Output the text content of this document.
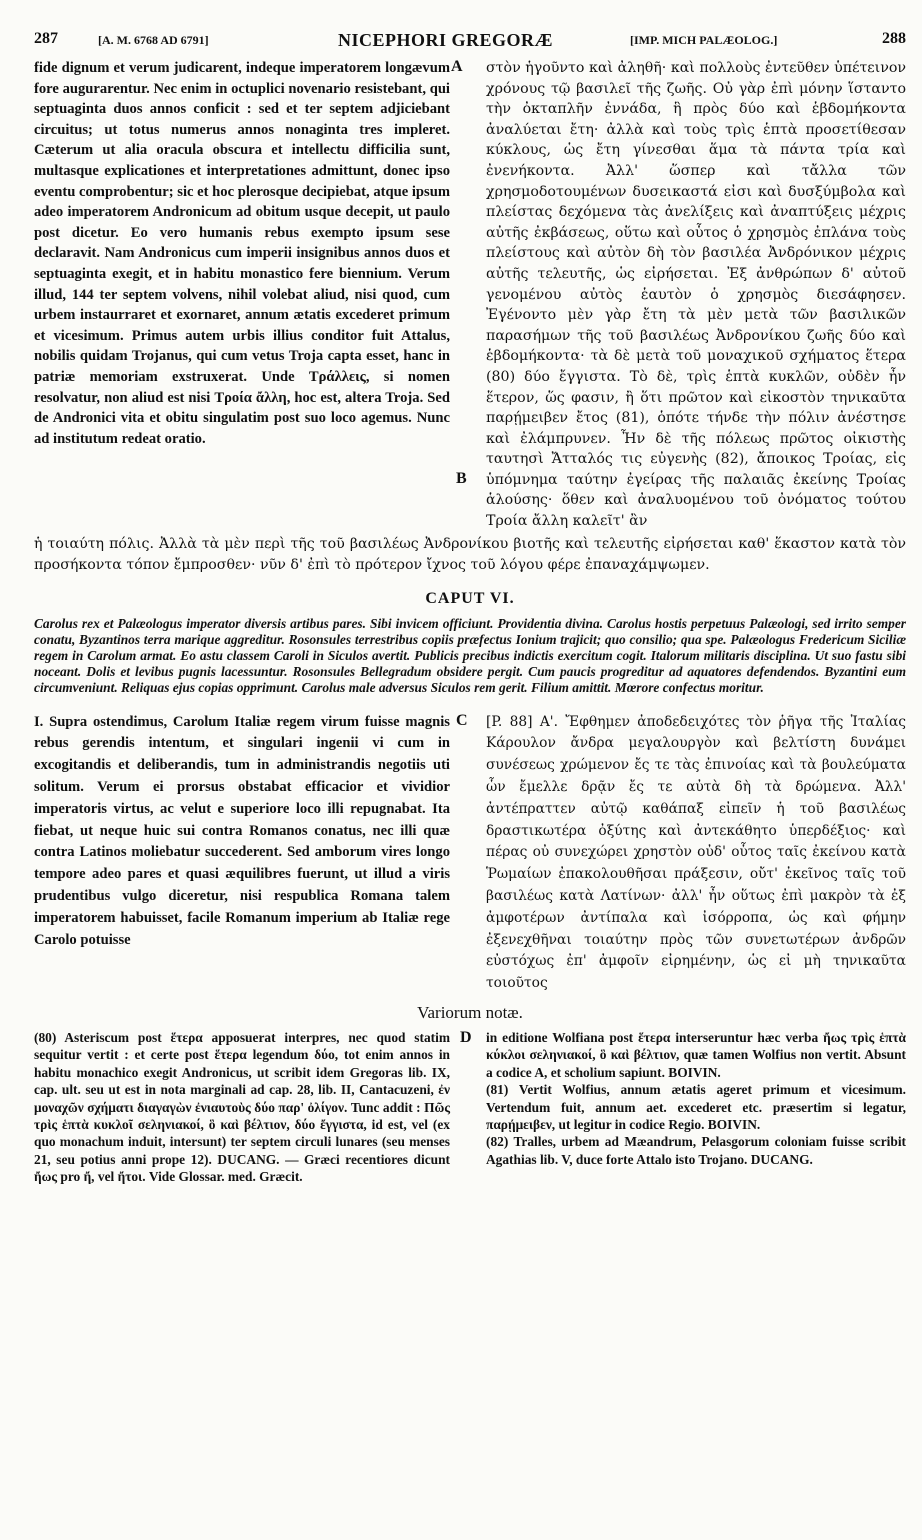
287	[A. M. 6768 AD 6791]	NICEPHORI GREGORÆ	[IMP. MICH PALÆOLOG.]	288
fide dignum et verum judicarent, indeque imperatorem longævum fore augurarentur. Nec enim in octuplici novenario resistebant, qui septuaginta duos annos conficit : sed et ter septem adjiciebant circuitus; ut totus numerus annos nonaginta tres impleret. Cæterum ut alia oracula obscura et intellectu difficilia sunt, multasque explicationes et interpretationes admittunt, donec ipso eventu comprobentur; sic et hoc plerosque decipiebat, atque ipsum adeo imperatorem Andronicum ad obitum usque decepit, ut paulo post dicetur. Eo vero humanis rebus exempto ipsum sese declaravit. Nam Andronicus cum imperii insignibus annos duos et septuaginta exegit, et in habitu monastico fere biennium. Verum illud, 144 ter septem volvens, nihil volebat aliud, nisi quod, cum urbem instaurraret et exornaret, annum ætatis excederet primum et vicesimum. Primus autem urbis illius conditor fuit Attalus, nobilis quidam Trojanus, qui cum vetus Troja capta esset, hanc in patriæ memoriam exstruxerat. Unde Τράλλεις, si nomen resolvatur, non aliud est nisi Τροία ἄλλη, hoc est, altera Troja. Sed de Andronici vita et obitu singulatim post suo loco agemus. Nunc ad institutum redeat oratio.
στὸν ἡγοῦντο καὶ ἀληθῆ· καὶ πολλοὺς ἐντεῦθεν ὑπέτεινον χρόνους τῷ βασιλεῖ τῆς ζωῆς. Οὐ γὰρ ἐπὶ μόνην ἵσταντο τὴν ὀκταπλῆν ἐννάδα, ἣ πρὸς δύο καὶ ἑβδομήκοντα ἀναλύεται ἔτη· ἀλλὰ καὶ τοὺς τρὶς ἑπτὰ προσετίθεσαν κύκλους, ὡς ἔτη γίνεσθαι ἅμα τὰ πάντα τρία καὶ ἐνενήκοντα. Ἀλλ' ὥσπερ καὶ τἄλλα τῶν χρησμοδοτουμένων δυσεικαστά εἰσι καὶ δυσξύμβολα καὶ πλείστας δεχόμενα τὰς ἀνελίξεις καὶ ἀναπτύξεις μέχρις αὐτῆς ἐκβάσεως, οὕτω καὶ οὗτος ὁ χρησμὸς ἐπλάνα τοὺς πλείστους καὶ αὐτὸν δὴ τὸν βασιλέα Ἀνδρόνικον μέχρις αὐτῆς τελευτῆς, ὡς εἰρήσεται. Ἐξ ἀνθρώπων δ' αὐτοῦ γενομένου αὐτὸς ἑαυτὸν ὁ χρησμὸς διεσάφησεν. Ἐγένοντο μὲν γὰρ ἔτη τὰ μὲν μετὰ τῶν βασιλικῶν παρασήμων τῆς τοῦ βασιλέως Ἀνδρονίκου ζωῆς δύο καὶ ἑβδομήκοντα· τὰ δὲ μετὰ τοῦ μοναχικοῦ σχήματος ἕτερα (80) δύο ἔγγιστα. Τὸ δὲ, τρὶς ἑπτὰ κυκλῶν, οὐδὲν ἦν ἕτερον, ὥς φασιν, ἢ ὅτι πρῶτον καὶ εἰκοστὸν τηνικαῦτα παρῄμειβεν ἔτος (81), ὁπότε τήνδε τὴν πόλιν ἀνέστησε καὶ ἐλάμπρυνεν. Ἦν δὲ τῆς πόλεως πρῶτος οἰκιστὴς ταυτησὶ Ἄτταλός τις εὐγενὴς (82), ἄποικος Τροίας, εἰς ὑπόμνημα ταύτην ἐγείρας τῆς παλαιᾶς ἐκείνης Τροίας ἁλούσης· ὅθεν καὶ ἀναλυομένου τοῦ ὀνόματος τούτου Τροία ἄλλη καλεῖτ' ἂν
A
B
ἡ τοιαύτη πόλις. Ἀλλὰ τὰ μὲν περὶ τῆς τοῦ βασιλέως Ἀνδρονίκου βιοτῆς καὶ τελευτῆς εἰρήσεται καθ' ἕκαστον κατὰ τὸν προσήκοντα τόπον ἔμπροσθεν· νῦν δ' ἐπὶ τὸ πρότερον ἴχνος τοῦ λόγου φέρε ἐπαναχάμψωμεν.
CAPUT VI.
Carolus rex et Palæologus imperator diversis artibus pares. Sibi invicem officiunt. Providentia divina. Carolus hostis perpetuus Palæologi, sed irrito semper conatu, Byzantinos terra marique aggreditur. Rosonsules terrestribus copiis præfectus Ionium trajicit; quo consilio; qua spe. Palæologus Fredericum Siciliæ regem in Carolum armat. Eo astu classem Caroli in Siculos avertit. Publicis precibus indictis exercitum cogit. Italorum militaris disciplina. Ut suo fastu sibi noceant. Dolis et levibus pugnis lacessuntur. Rosonsules Bellegradum obsidere pergit. Cum paucis progreditur ad aquatores defendendos. Byzantini eum circumveniunt. Reliquas ejus copias opprimunt. Carolus male adversus Siculos rem gerit. Filium amittit. Mœrore confectus moritur.
I. Supra ostendimus, Carolum Italiæ regem virum fuisse magnis rebus gerendis intentum, et singulari ingenii vi cum in excogitandis et deliberandis, tum in administrandis negotiis uti solitum. Verum ei prorsus obstabat efficacior et vividior imperatoris virtus, ac velut e superiore loco illi repugnabat. Ita fiebat, ut neque huic sui contra Romanos conatus, nec illi quæ contra Latinos moliebatur succederent. Sed amborum vires longo tempore adeo pares et quasi æquilibres fuerunt, ut illud a viris prudentibus vulgo diceretur, nisi respublica Romana talem imperatorem habuisset, facile Romanum imperium ab Italiæ rege Carolo potuisse
[P. 88] Α'. Ἔφθημεν ἀποδεδειχότες τὸν ῥῆγα τῆς Ἰταλίας Κάρουλον ἄνδρα μεγαλουργὸν καὶ βελτίστη δυνάμει συνέσεως χρώμενον ἔς τε τὰς ἐπινοίας καὶ τὰ βουλεύματα ὧν ἔμελλε δρᾷν ἔς τε αὐτὰ δὴ τὰ δρώμενα. Ἀλλ' ἀντέπραττεν αὐτῷ καθάπαξ εἰπεῖν ἡ τοῦ βασιλέως δραστικωτέρα ὀξύτης καὶ ἀντεκάθητο ὑπερδέξιος· καὶ πέρας οὐ συνεχώρει χρηστὸν οὐδ' οὗτος ταῖς ἐκείνου κατὰ Ῥωμαίων ἐπακολουθῆσαι πράξεσιν, οὔτ' ἐκεῖνος ταῖς τοῦ βασιλέως κατὰ Λατίνων· ἀλλ' ἦν οὕτως ἐπὶ μακρὸν τὰ ἐξ ἀμφοτέρων ἀντίπαλα καὶ ἰσόρροπα, ὡς καὶ φήμην ἐξενεχθῆναι τοιαύτην πρὸς τῶν συνετωτέρων ἀνδρῶν εὐστόχως ἐπ' ἀμφοῖν εἰρημένην, ὡς εἰ μὴ τηνικαῦτα τοιοῦτος
C
Variorum notæ.

(80) Asteriscum post ἕτερα apposuerat interpres, nec quod statim sequitur vertit : et certe post ἕτερα legendum δύο, tot enim annos in habitu monachico exegit Andronicus, ut scribit idem Gregoras lib. IX, cap. ult. seu ut est in nota marginali ad cap. 28, lib. II, Cantacuzeni, ἐν μοναχῶν σχήματι διαγαγὼν ἐνιαυτοὺς δύο παρ' ὀλίγον. Tunc addit : Πῶς τρὶς ἑπτὰ κυκλοῖ σεληνιακοί, ὃ καὶ βέλτιον, δύο ἔγγιστα, id est, vel (ex quo monachum induit, intersunt) ter septem circuli lunares (seu menses 21, seu potius anni prope 12). DUCANG. — Græci recentiores dicunt ἤως pro ἤ, vel ἤτοι. Vide Glossar. med. Græcit.

in editione Wolfiana post ἕτερα interseruntur hæc verba ἤως τρὶς ἑπτὰ κύκλοι σεληνιακοί, ὃ καὶ βέλτιον, quæ tamen Wolfius non vertit. Absunt a codice A, et scholium sapiunt. BOIVIN.

(81) Vertit Wolfius, annum ætatis ageret primum et vicesimum. Vertendum fuit, annum aet. excederet etc. præsertim si legatur, παρῄμειβεν, ut legitur in codice Regio. BOIVIN.

(82) Tralles, urbem ad Mæandrum, Pelasgorum coloniam fuisse scribit Agathias lib. V, duce forte Attalo isto Trojano. DUCANG.

D
